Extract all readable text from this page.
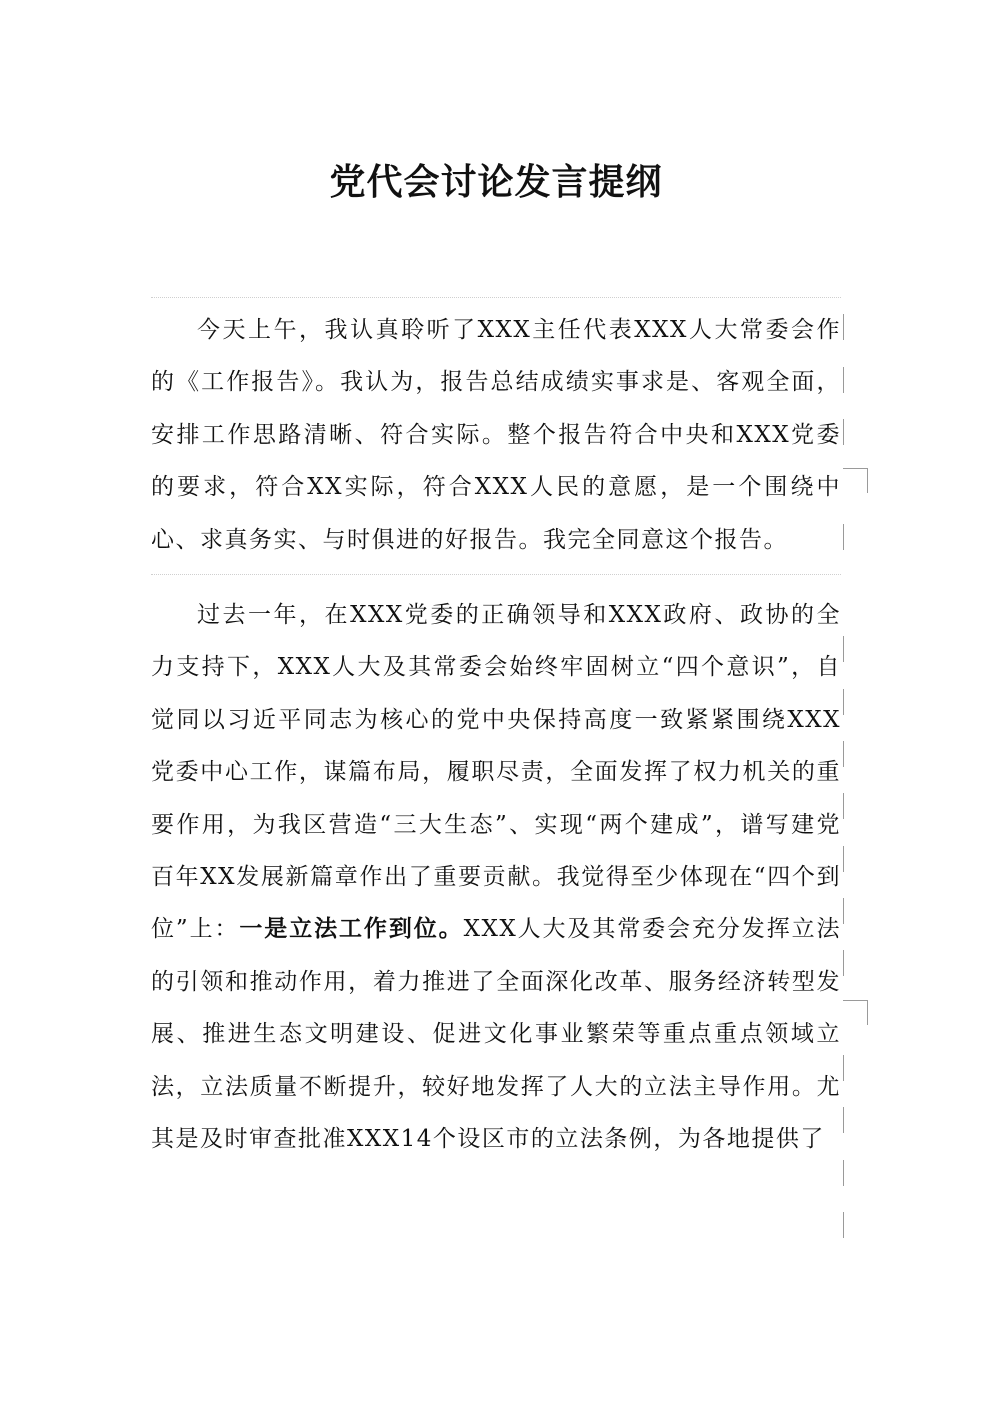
党代会讨论发言提纲

今天上午，我认真聆听了XXX主任代表XXX人大常委会作的《工作报告》。我认为，报告总结成绩实事求是、客观全面，安排工作思路清晰、符合实际。整个报告符合中央和XXX党委的要求，符合XX实际，符合XXX人民的意愿，是一个围绕中心、求真务实、与时俱进的好报告。我完全同意这个报告。

过去一年，在XXX党委的正确领导和XXX政府、政协的全力支持下，XXX人大及其常委会始终牢固树立“四个意识”，自觉同以习近平同志为核心的党中央保持高度一致紧紧围绕XXX党委中心工作，谋篇布局，履职尽责，全面发挥了权力机关的重要作用，为我区营造“三大生态”、实现“两个建成”，谱写建党百年XX发展新篇章作出了重要贡献。我觉得至少体现在“四个到位”上：一是立法工作到位。XXX人大及其常委会充分发挥立法的引领和推动作用，着力推进了全面深化改革、服务经济转型发展、推进生态文明建设、促进文化事业繁荣等重点重点领域立法，立法质量不断提升，较好地发挥了人大的立法主导作用。尤其是及时审查批准XXX14个设区市的立法条例，为各地提供了
